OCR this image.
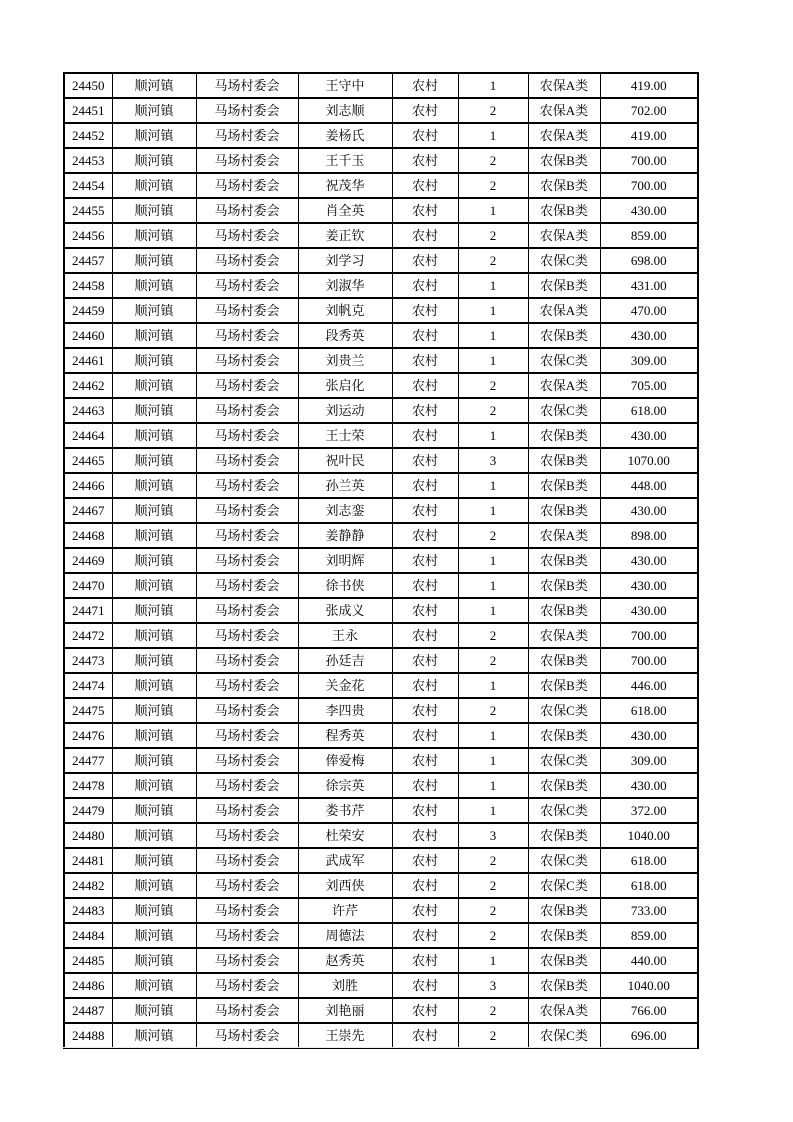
24450	顺河镇	马场村委会	王守中	农村	1	农保A类	419.00
24451	顺河镇	马场村委会	刘志顺	农村	2	农保A类	702.00
24452	顺河镇	马场村委会	姜杨氏	农村	1	农保A类	419.00
24453	顺河镇	马场村委会	王千玉	农村	2	农保B类	700.00
24454	顺河镇	马场村委会	祝茂华	农村	2	农保B类	700.00
24455	顺河镇	马场村委会	肖全英	农村	1	农保B类	430.00
24456	顺河镇	马场村委会	姜正钦	农村	2	农保A类	859.00
24457	顺河镇	马场村委会	刘学习	农村	2	农保C类	698.00
24458	顺河镇	马场村委会	刘淑华	农村	1	农保B类	431.00
24459	顺河镇	马场村委会	刘帆克	农村	1	农保A类	470.00
24460	顺河镇	马场村委会	段秀英	农村	1	农保B类	430.00
24461	顺河镇	马场村委会	刘贵兰	农村	1	农保C类	309.00
24462	顺河镇	马场村委会	张启化	农村	2	农保A类	705.00
24463	顺河镇	马场村委会	刘运动	农村	2	农保C类	618.00
24464	顺河镇	马场村委会	王士荣	农村	1	农保B类	430.00
24465	顺河镇	马场村委会	祝叶民	农村	3	农保B类	1070.00
24466	顺河镇	马场村委会	孙兰英	农村	1	农保B类	448.00
24467	顺河镇	马场村委会	刘志銮	农村	1	农保B类	430.00
24468	顺河镇	马场村委会	姜静静	农村	2	农保A类	898.00
24469	顺河镇	马场村委会	刘明辉	农村	1	农保B类	430.00
24470	顺河镇	马场村委会	徐书侠	农村	1	农保B类	430.00
24471	顺河镇	马场村委会	张成义	农村	1	农保B类	430.00
24472	顺河镇	马场村委会	王永	农村	2	农保A类	700.00
24473	顺河镇	马场村委会	孙廷吉	农村	2	农保B类	700.00
24474	顺河镇	马场村委会	关金花	农村	1	农保B类	446.00
24475	顺河镇	马场村委会	李四贵	农村	2	农保C类	618.00
24476	顺河镇	马场村委会	程秀英	农村	1	农保B类	430.00
24477	顺河镇	马场村委会	俸爱梅	农村	1	农保C类	309.00
24478	顺河镇	马场村委会	徐宗英	农村	1	农保B类	430.00
24479	顺河镇	马场村委会	娄书芹	农村	1	农保C类	372.00
24480	顺河镇	马场村委会	杜荣安	农村	3	农保B类	1040.00
24481	顺河镇	马场村委会	武成军	农村	2	农保C类	618.00
24482	顺河镇	马场村委会	刘西侠	农村	2	农保C类	618.00
24483	顺河镇	马场村委会	许芹	农村	2	农保B类	733.00
24484	顺河镇	马场村委会	周德法	农村	2	农保B类	859.00
24485	顺河镇	马场村委会	赵秀英	农村	1	农保B类	440.00
24486	顺河镇	马场村委会	刘胜	农村	3	农保B类	1040.00
24487	顺河镇	马场村委会	刘艳丽	农村	2	农保A类	766.00
24488	顺河镇	马场村委会	王崇先	农村	2	农保C类	696.00
